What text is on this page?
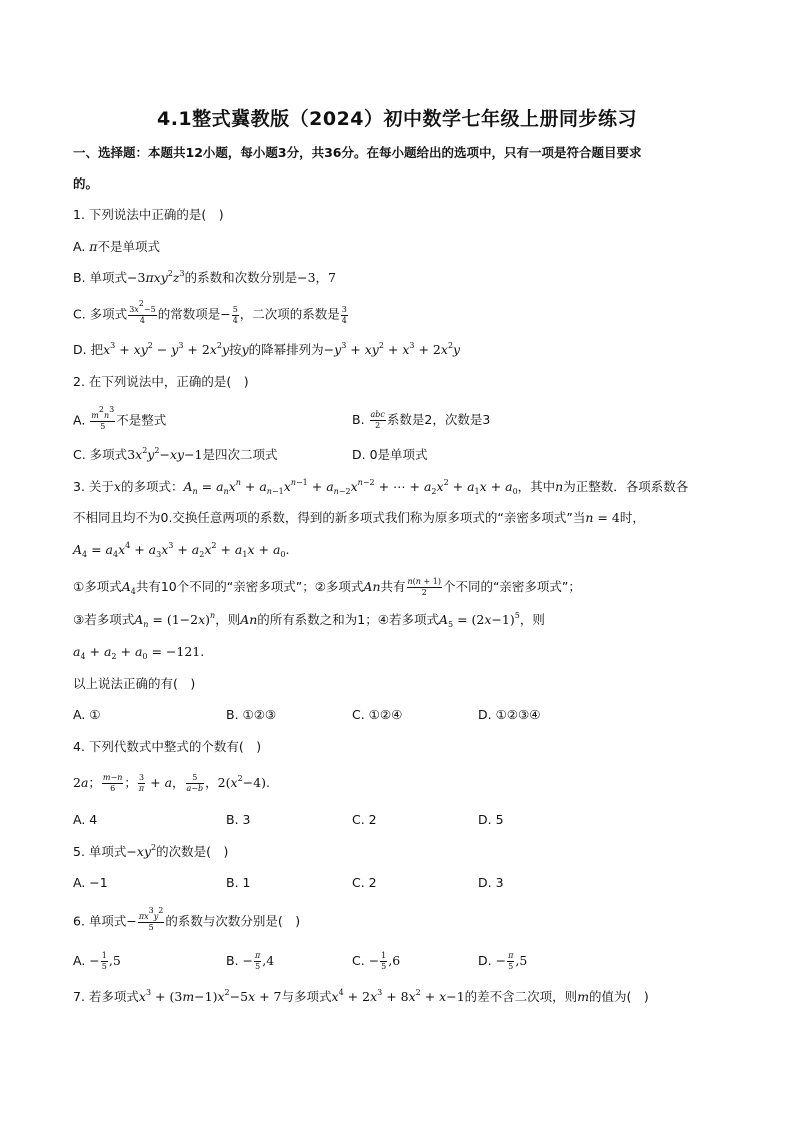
4.1整式冀教版（2024）初中数学七年级上册同步练习
一、选择题：本题共12小题，每小题3分，共36分。在每小题给出的选项中，只有一项是符合题目要求
的。
1. 下列说法中正确的是(　)
A. π不是单项式
B. 单项式$-3\pi xy^2z^3$的系数和次数分别是−3，7
C. 多项式 $\frac{3x^2-5}{4}$ 的常数项是− $\frac{5}{4}$ ，二次项的系数是 $\frac{3}{4}$
D. 把$x^3 + xy^2 - y^3 + 2x^2y$按y的降幂排列为$-y^3 + xy^2 + x^3 + 2x^2y$
2. 在下列说法中，正确的是(　)
A. $\frac{m^2n^3}{5}$ 不是整式	B. $\frac{\text{abc}}{2}$ 系数是2，次数是3
C. 多项式$3x^2y^2-xy-1$是四次二项式	D. 0是单项式
3. 关于x的多项式：$A_n = a_nx^n + a_{n-1}x^{n-1} + a_{n-2}x^{n-2}$ + ⋯ + $a_2x^2 + a_1x + a_0$，其中n为正整数．各项系数各
不相同且均不为0.交换任意两项的系数，得到的新多项式我们称为原多项式的“亲密多项式”当n = 4时，
$A_4 = a_4x^4 + a_3x^3 + a_2x^2 + a_1x + a_0$.
①多项式$A_4$共有10个不同的“亲密多项式”；②多项式An共有 $\frac{n(n + 1)}{2}$ 个不同的“亲密多项式”；
③若多项式$A_n = (1-2x)^n$，则An的所有系数之和为1；④若多项式$A_5 = (2x-1)^5$，则
$a_4 + a_2 + a_0 = -121$.
以上说法正确的有(　)
A. ①	B. ①②③	C. ①②④	D. ①②③④
4. 下列代数式中整式的个数有(　)
2a； $\frac{m-n}{6}$ ； $\frac{3}{\pi} + a$， $\frac{5}{a-b}$ ，$2(x^2-4)$.
A. 4	B. 3	C. 2	D. 5
5. 单项式$-xy^2$的次数是(　)
A. −1	B. 1	C. 2	D. 3
6. 单项式− $\frac{\pi x^3y^2}{5}$ 的系数与次数分别是(　)
A. − $\frac{1}{5} ,5$	B. − $\frac{\pi}{5} ,4$	C. − $\frac{1}{5} ,6$	D. − $\frac{\pi}{5} ,5$
7. 若多项式$x^3 + (3m-1)x^2-5x + 7$与多项式$x^4 + 2x^3 + 8x^2 + x-1$的差不含二次项，则m的值为(　)
